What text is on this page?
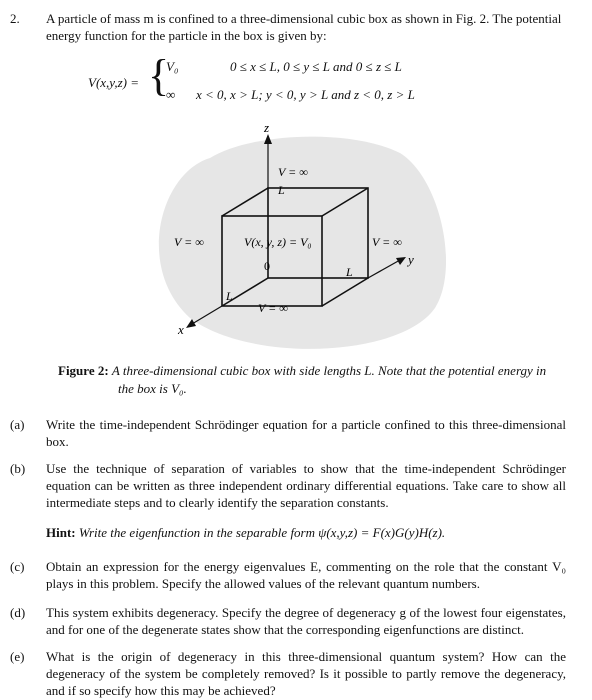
2. A particle of mass m is confined to a three-dimensional cubic box as shown in Fig. 2. The potential energy function for the particle in the box is given by:
V(x,y,z) = {
V₀	0 ≤ x ≤ L, 0 ≤ y ≤ L and 0 ≤ z ≤ L
∞ x < 0, x > L; y < 0, y > L and z < 0, z > L
z
y
x
V = ∞
V = ∞	V = ∞
V = ∞
V(x, y, z) = V₀
L
L
L
0
Figure 2: A three-dimensional cubic box with side lengths L. Note that the potential energy in
the box is V₀.
(a) Write the time-independent Schrödinger equation for a particle confined to this three-dimensional box.
(b) Use the technique of separation of variables to show that the time-independent Schrödinger equation can be written as three independent ordinary differential equations. Take care to show all intermediate steps and to clearly identify the separation constants.
Hint: Write the eigenfunction in the separable form ψ(x,y,z) = F(x)G(y)H(z).
(c) Obtain an expression for the energy eigenvalues E, commenting on the role that the constant V₀ plays in this problem. Specify the allowed values of the relevant quantum numbers.
(d) This system exhibits degeneracy. Specify the degree of degeneracy g of the lowest four eigenstates, and for one of the degenerate states show that the corresponding eigenfunctions are distinct.
(e) What is the origin of degeneracy in this three-dimensional quantum system? How can the degeneracy of the system be completely removed? Is it possible to partly remove the degeneracy, and if so specify how this may be achieved?
